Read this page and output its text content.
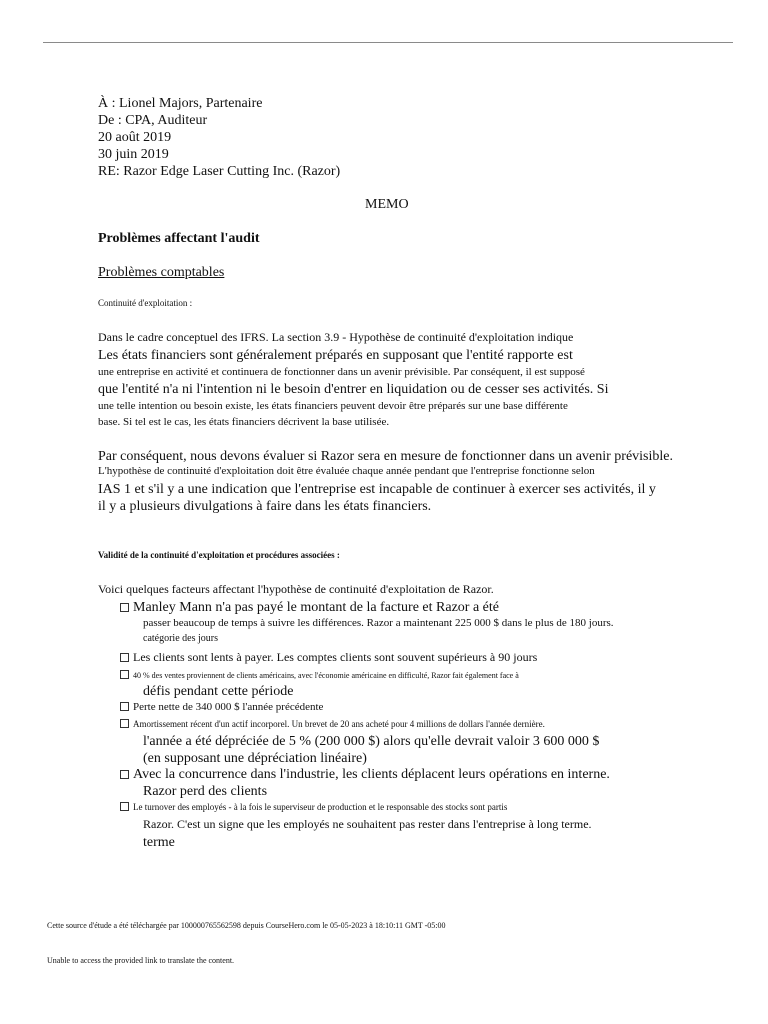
À : Lionel Majors, Partenaire

De : CPA, Auditeur

20 août 2019

30 juin 2019

RE: Razor Edge Laser Cutting Inc. (Razor)

MEMO

Problèmes affectant l'audit

Problèmes comptables

Continuité d'exploitation :

Dans le cadre conceptuel des IFRS. La section 3.9 - Hypothèse de continuité d'exploitation indique

Les états financiers sont généralement préparés en supposant que l'entité rapporte est

une entreprise en activité et continuera de fonctionner dans un avenir prévisible. Par conséquent, il est supposé

que l'entité n'a ni l'intention ni le besoin d'entrer en liquidation ou de cesser ses activités. Si

une telle intention ou besoin existe, les états financiers peuvent devoir être préparés sur une base différente

base. Si tel est le cas, les états financiers décrivent la base utilisée.

Par conséquent, nous devons évaluer si Razor sera en mesure de fonctionner dans un avenir prévisible.

L'hypothèse de continuité d'exploitation doit être évaluée chaque année pendant que l'entreprise fonctionne selon

IAS 1 et s'il y a une indication que l'entreprise est incapable de continuer à exercer ses activités, il y

il y a plusieurs divulgations à faire dans les états financiers.

Validité de la continuité d'exploitation et procédures associées :

Voici quelques facteurs affectant l'hypothèse de continuité d'exploitation de Razor.

Manley Mann n'a pas payé le montant de la facture et Razor a été

passer beaucoup de temps à suivre les différences. Razor a maintenant 225 000 $ dans le plus de 180 jours.

catégorie des jours

Les clients sont lents à payer. Les comptes clients sont souvent supérieurs à 90 jours

40 % des ventes proviennent de clients américains, avec l'économie américaine en difficulté, Razor fait également face à

défis pendant cette période

Perte nette de 340 000 $ l'année précédente

Amortissement récent d'un actif incorporel. Un brevet de 20 ans acheté pour 4 millions de dollars l'année dernière.

l'année a été dépréciée de 5 % (200 000 $) alors qu'elle devrait valoir 3 600 000 $

(en supposant une dépréciation linéaire)

Avec la concurrence dans l'industrie, les clients déplacent leurs opérations en interne.

Razor perd des clients

Le turnover des employés - à la fois le superviseur de production et le responsable des stocks sont partis

Razor. C'est un signe que les employés ne souhaitent pas rester dans l'entreprise à long terme.

terme

Cette source d'étude a été téléchargée par 100000765562598 depuis CourseHero.com le 05-05-2023 à 18:10:11 GMT -05:00

Unable to access the provided link to translate the content.
